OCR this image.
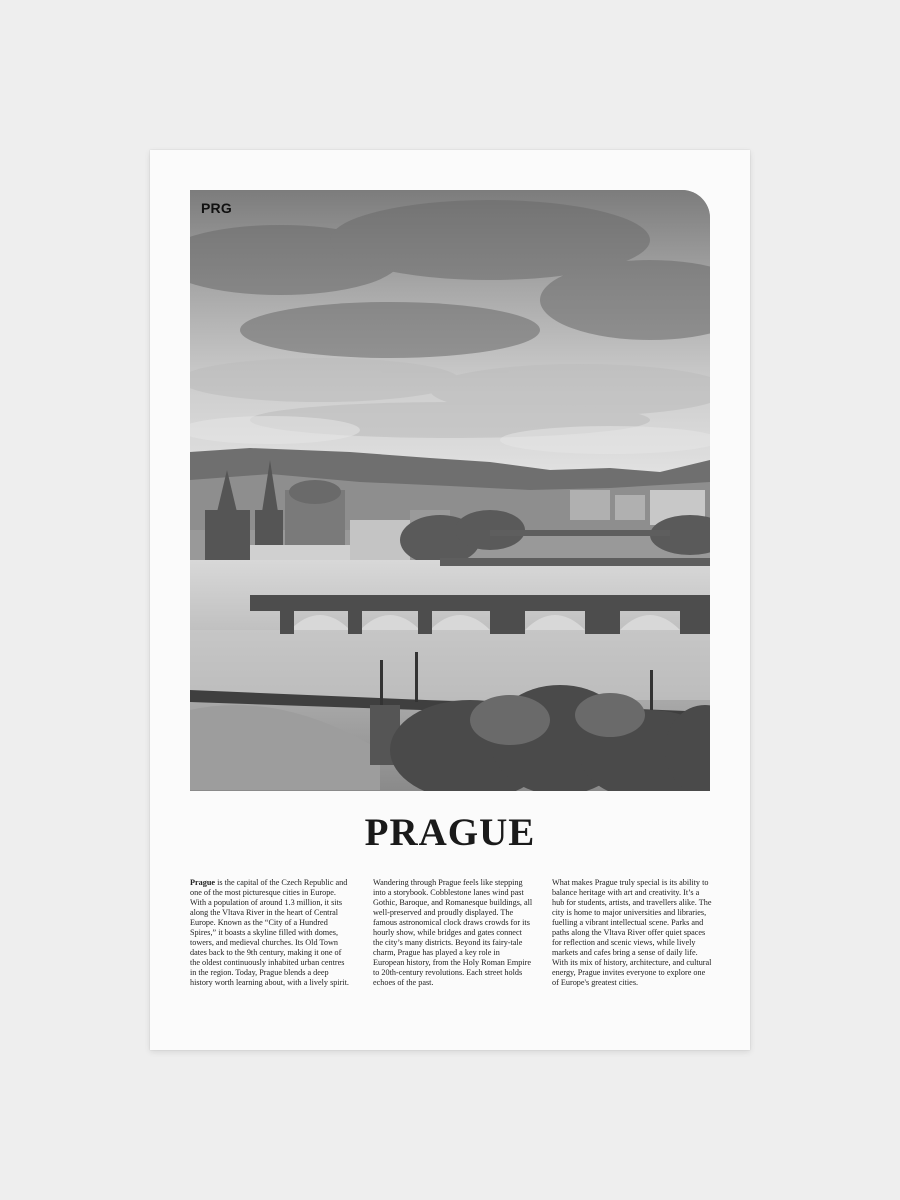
PRG
PRAGUE
Prague is the capital of the Czech Republic and one of the most picturesque cities in Europe. With a population of around 1.3 million, it sits along the Vltava River in the heart of Central Europe. Known as the “City of a Hundred Spires,” it boasts a skyline filled with domes, towers, and medieval churches. Its Old Town dates back to the 9th century, making it one of the oldest continuously inhabited urban centres in the region. Today, Prague blends a deep history worth learning about, with a lively spirit.
Wandering through Prague feels like stepping into a storybook. Cobblestone lanes wind past Gothic, Baroque, and Romanesque buildings, all well-preserved and proudly displayed. The famous astronomical clock draws crowds for its hourly show, while bridges and gates connect the city’s many districts. Beyond its fairy-tale charm, Prague has played a key role in European history, from the Holy Roman Empire to 20th-century revolutions. Each street holds echoes of the past.
What makes Prague truly special is its ability to balance heritage with art and creativity. It’s a hub for students, artists, and travellers alike. The city is home to major universities and libraries, fuelling a vibrant intellectual scene. Parks and paths along the Vltava River offer quiet spaces for reflection and scenic views, while lively markets and cafes bring a sense of daily life. With its mix of history, architecture, and cultural energy, Prague invites everyone to explore one of Europe's greatest cities.
